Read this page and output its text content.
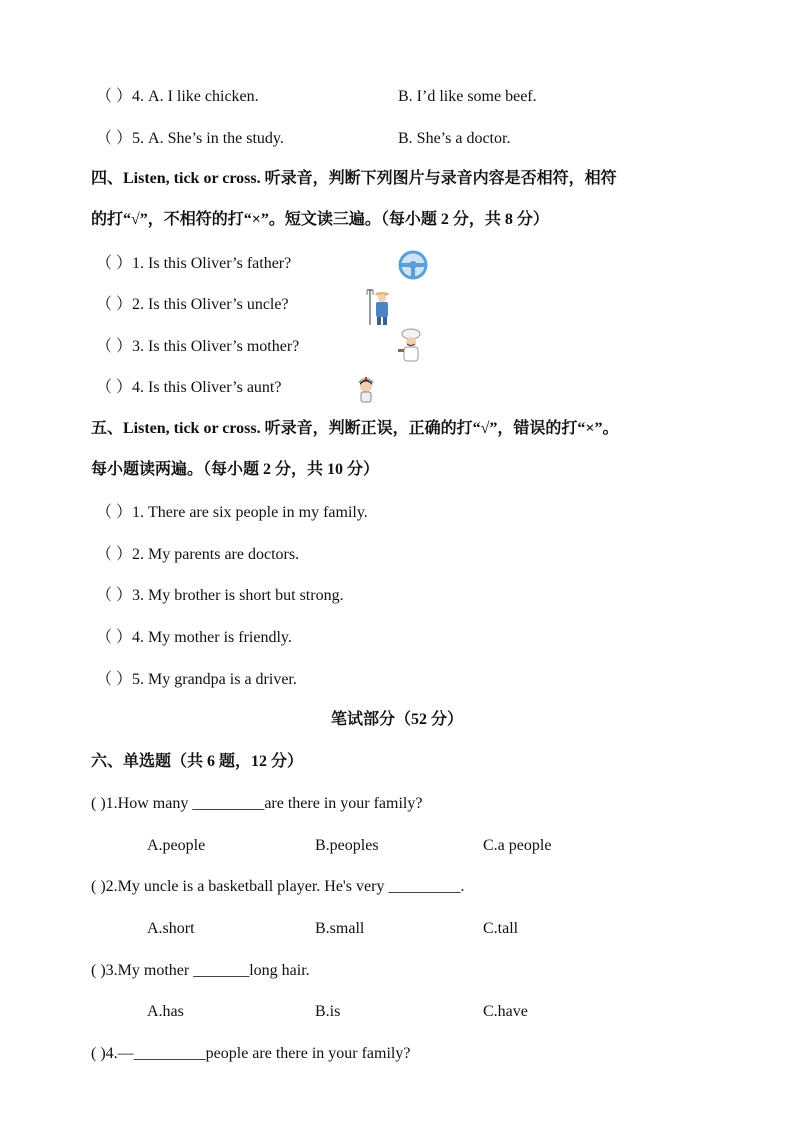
（ ）4. A. I like chicken.	B. I’d like some beef.
（ ）5. A. She’s in the study.	B. She’s a doctor.
四、Listen, tick or cross. 听录音，判断下列图片与录音内容是否相符，相符
的打“√”，不相符的打“×”。短文读三遍。（每小题 2 分，共 8 分）
（ ）1. Is this Oliver’s father?
（ ）2. Is this Oliver’s uncle?
（ ）3. Is this Oliver’s mother?
（ ）4. Is this Oliver’s aunt?
五、Listen, tick or cross. 听录音，判断正误，正确的打“√”，错误的打“×”。
每小题读两遍。（每小题 2 分，共 10 分）
（ ）1. There are six people in my family.
（ ）2. My parents are doctors.
（ ）3. My brother is short but strong.
（ ）4. My mother is friendly.
（ ）5. My grandpa is a driver.
笔试部分（52 分）
六、单选题（共 6 题，12 分）
( )1.How many _________are there in your family?
A.people	B.peoples	C.a people
( )2.My uncle is a basketball player. He's very _________.
A.short	B.small	C.tall
( )3.My mother _______long hair.
A.has	B.is	C.have
( )4.—_________people are there in your family?
